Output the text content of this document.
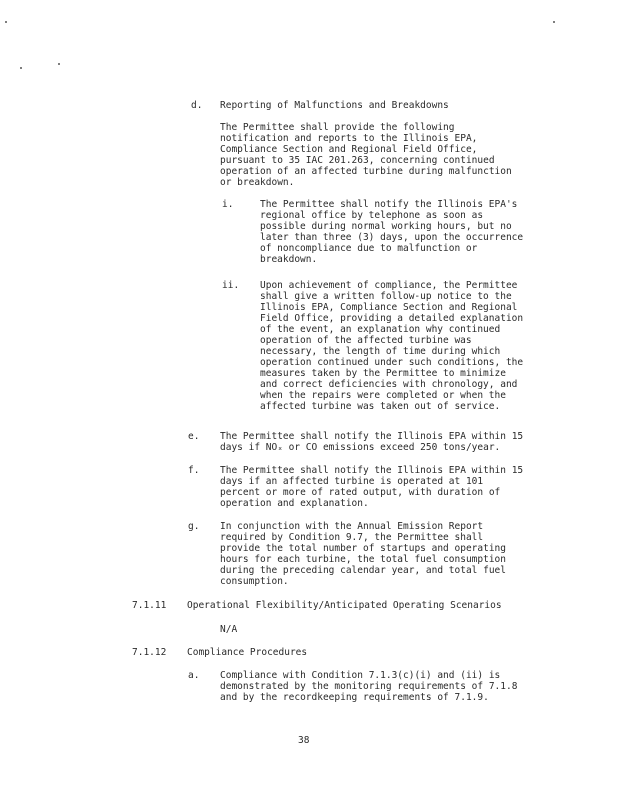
d. Reporting of Malfunctions and Breakdowns
The Permittee shall provide the following
notification and reports to the Illinois EPA,
Compliance Section and Regional Field Office,
pursuant to 35 IAC 201.263, concerning continued
operation of an affected turbine during malfunction
or breakdown.
i.	The Permittee shall notify the Illinois EPA's
regional office by telephone as soon as
possible during normal working hours, but no
later than three (3) days, upon the occurrence
of noncompliance due to malfunction or
breakdown.
ii. Upon achievement of compliance, the Permittee
shall give a written follow-up notice to the
Illinois EPA, Compliance Section and Regional
Field Office, providing a detailed explanation
of the event, an explanation why continued
operation of the affected turbine was
necessary, the length of time during which
operation continued under such conditions, the
measures taken by the Permittee to minimize
and correct deficiencies with chronology, and
when the repairs were completed or when the
affected turbine was taken out of service.
e. The Permittee shall notify the Illinois EPA within 15
days if NOₓ or CO emissions exceed 250 tons/year.
f. The Permittee shall notify the Illinois EPA within 15
days if an affected turbine is operated at 101
percent or more of rated output, with duration of
operation and explanation.
g. In conjunction with the Annual Emission Report
required by Condition 9.7, the Permittee shall
provide the total number of startups and operating
hours for each turbine, the total fuel consumption
during the preceding calendar year, and total fuel
consumption.
7.1.11 Operational Flexibility/Anticipated Operating Scenarios
N/A
7.1.12 Compliance Procedures
a. Compliance with Condition 7.1.3(c)(i) and (ii) is
demonstrated by the monitoring requirements of 7.1.8
and by the recordkeeping requirements of 7.1.9.
38
